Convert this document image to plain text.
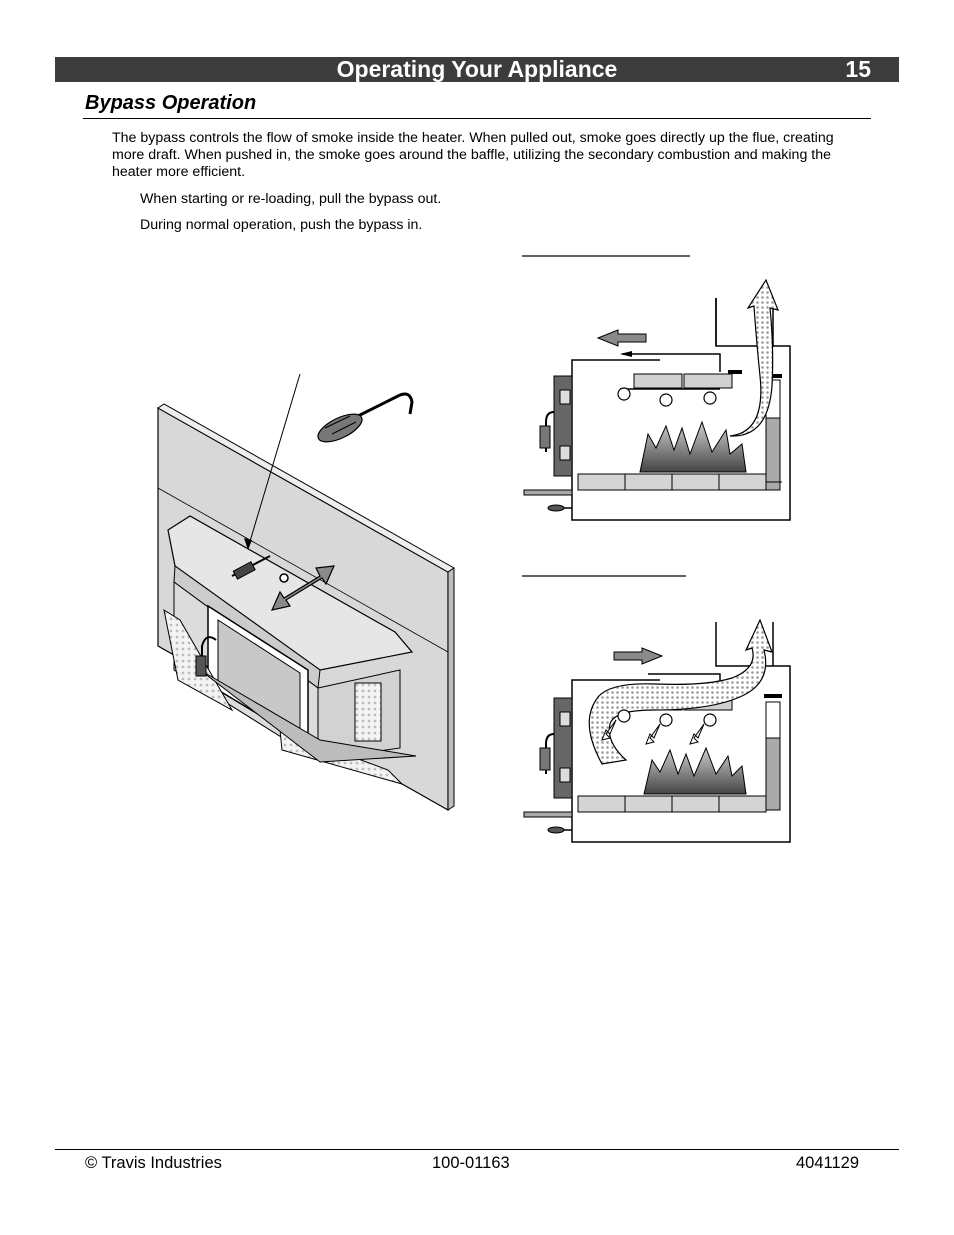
Operating Your Appliance	15
Bypass Operation

The bypass controls the flow of smoke inside the heater. When pulled out, smoke goes directly up the flue, creating more draft. When pushed in, the smoke goes around the baffle, utilizing the secondary combustion and making the heater more efficient.

When starting or re-loading, pull the bypass out.

During normal operation, push the bypass in.

© Travis Industries	100-01163	4041129
